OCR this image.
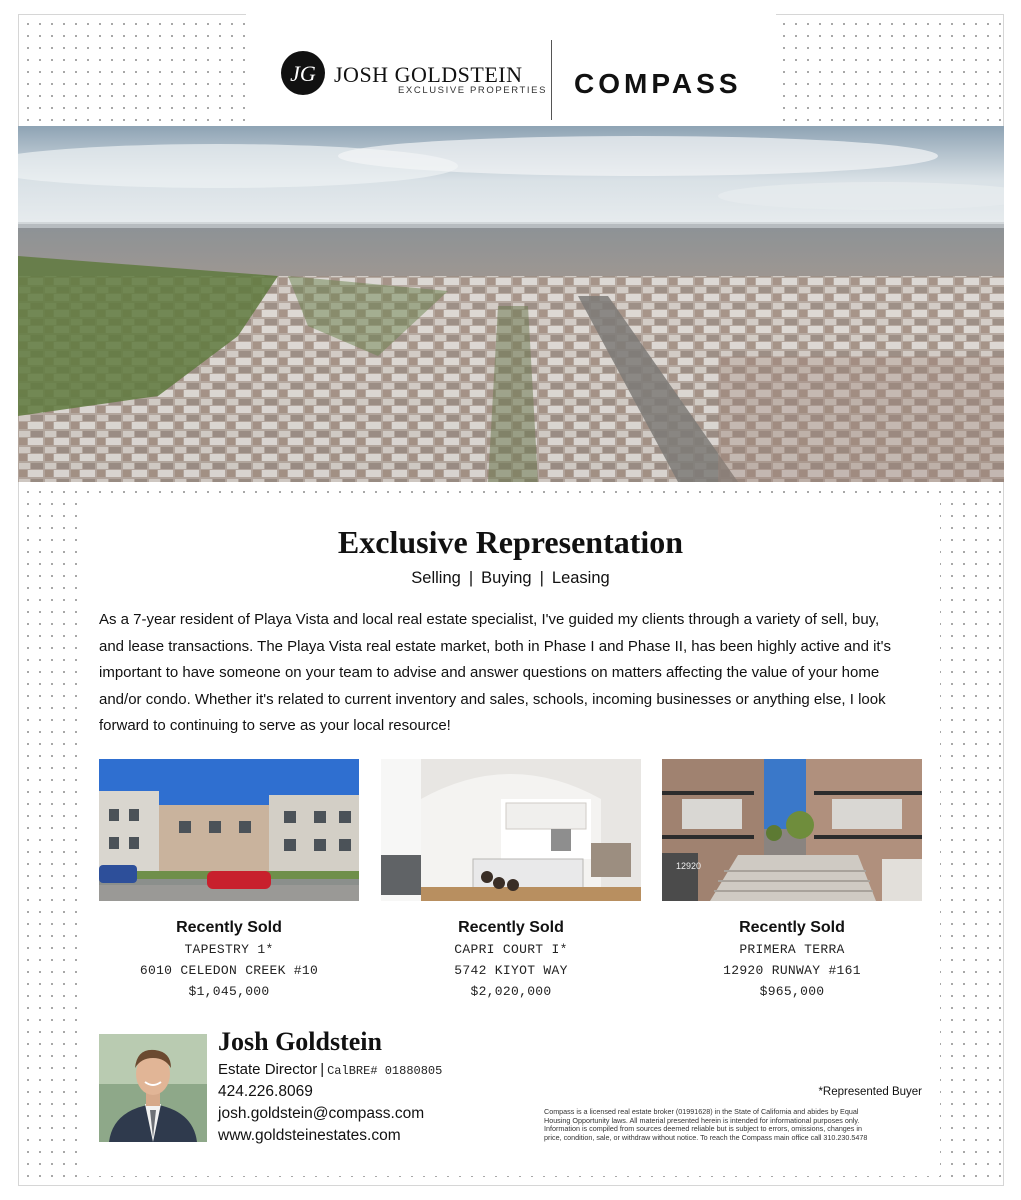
JG JOSH GOLDSTEIN
EXCLUSIVE PROPERTIES COMPASS
Exclusive Representation
Selling | Buying | Leasing
As a 7-year resident of Playa Vista and local real estate specialist, I've guided my clients through a variety of sell, buy,
and lease transactions. The Playa Vista real estate market, both in Phase I and Phase II, has been highly active and it's
important to have someone on your team to advise and answer questions on matters affecting the value of your home
and/or condo. Whether it's related to current inventory and sales, schools, incoming businesses or anything else, I look
forward to continuing to serve as your local resource!
Recently Sold
TAPESTRY 1*
6010 CELEDON CREEK #10
$1,045,000
Recently Sold
CAPRI COURT I*
5742 KIYOT WAY
$2,020,000
12920
Recently Sold
PRIMERA TERRA
12920 RUNWAY #161
$965,000
Josh Goldstein
Estate Director | CalBRE# 01880805
424.226.8069
josh.goldstein@compass.com
www.goldsteinestates.com
*Represented Buyer
Compass is a licensed real estate broker (01991628) in the State of California and abides by Equal
Housing Opportunity laws. All material presented herein is intended for informational purposes only.
Information is compiled from sources deemed reliable but is subject to errors, omissions, changes in
price, condition, sale, or withdraw without notice. To reach the Compass main office call 310.230.5478
